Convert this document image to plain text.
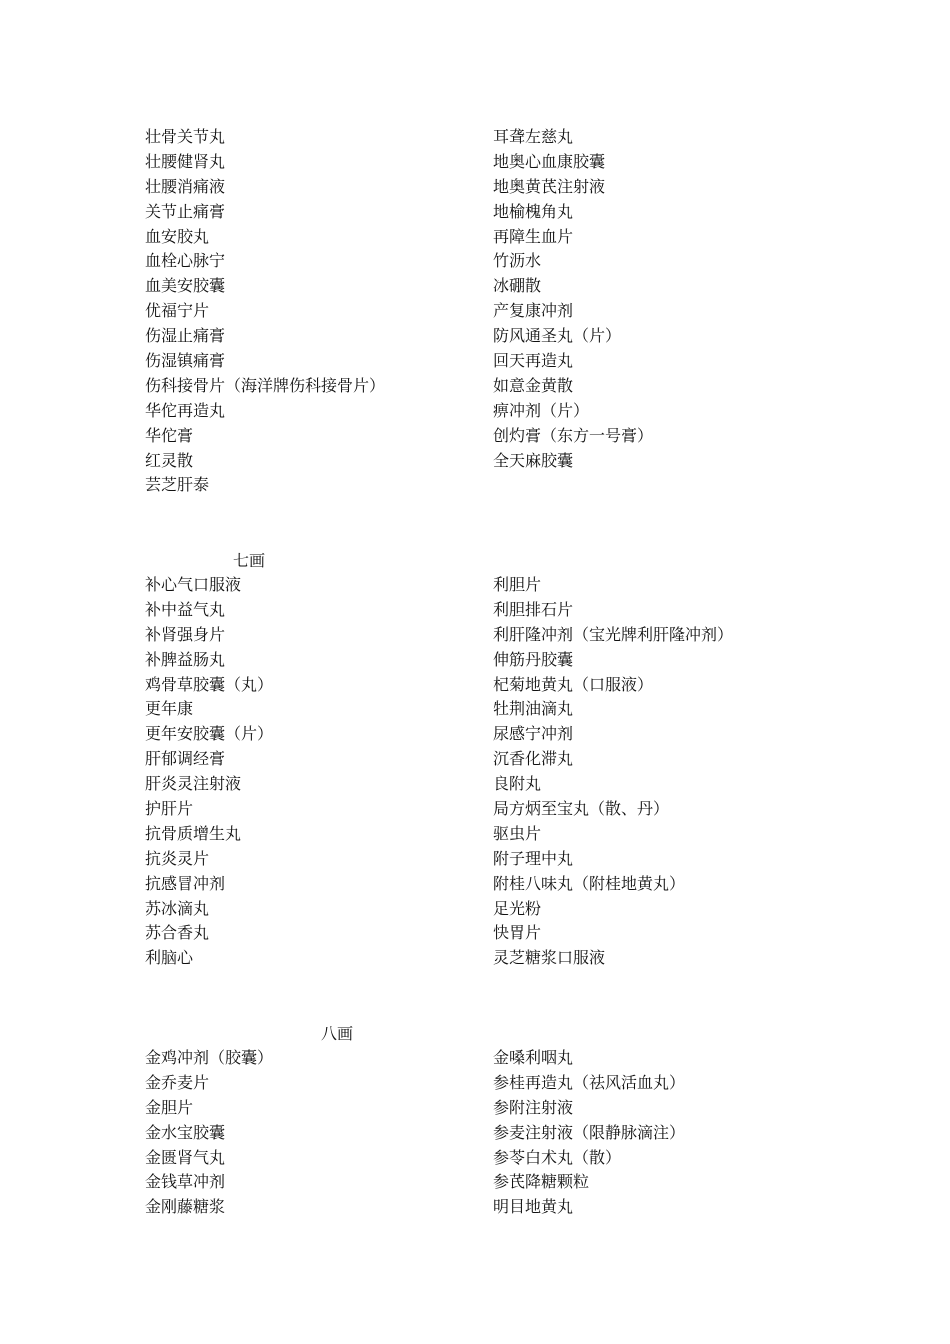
壮骨关节丸
壮腰健肾丸
壮腰消痛液
关节止痛膏
血安胶丸
血栓心脉宁
血美安胶囊
优福宁片
伤湿止痛膏
伤湿镇痛膏
伤科接骨片（海洋牌伤科接骨片）
华佗再造丸
华佗膏
红灵散
芸芝肝泰
耳聋左慈丸
地奥心血康胶囊
地奥黄芪注射液
地榆槐角丸
再障生血片
竹沥水
冰硼散
产复康冲剂
防风通圣丸（片）
回天再造丸
如意金黄散
痹冲剂（片）
创灼膏（东方一号膏）
全天麻胶囊
七画
补心气口服液
补中益气丸
补肾强身片
补脾益肠丸
鸡骨草胶囊（丸）
更年康
更年安胶囊（片）
肝郁调经膏
肝炎灵注射液
护肝片
抗骨质增生丸
抗炎灵片
抗感冒冲剂
苏冰滴丸
苏合香丸
利脑心
利胆片
利胆排石片
利肝隆冲剂（宝光牌利肝隆冲剂）
伸筋丹胶囊
杞菊地黄丸（口服液）
牡荆油滴丸
尿感宁冲剂
沉香化滞丸
良附丸
局方炳至宝丸（散、丹）
驱虫片
附子理中丸
附桂八味丸（附桂地黄丸）
足光粉
快胃片
灵芝糖浆口服液
八画
金鸡冲剂（胶囊）
金乔麦片
金胆片
金水宝胶囊
金匮肾气丸
金钱草冲剂
金刚藤糖浆
金嗓利咽丸
参桂再造丸（祛风活血丸）
参附注射液
参麦注射液（限静脉滴注）
参苓白术丸（散）
参芪降糖颗粒
明目地黄丸
